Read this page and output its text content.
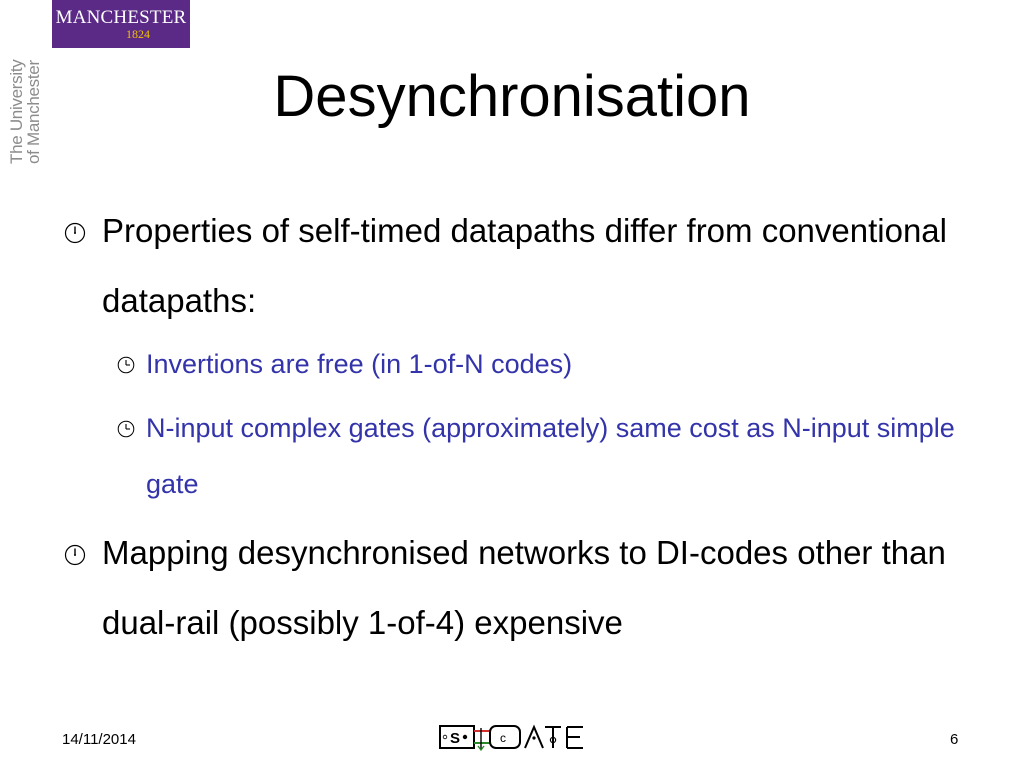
MANCHESTER
1824
The University
of Manchester	Desynchronisation
Properties of self-timed datapaths differ from conventional datapaths:
Invertions are free (in 1-of-N codes)
N-input complex gates (approximately) same cost as N-input simple gate
Mapping desynchronised networks to DI-codes other than dual-rail (possibly 1-of-4) expensive
14/11/2014	S	c	6
